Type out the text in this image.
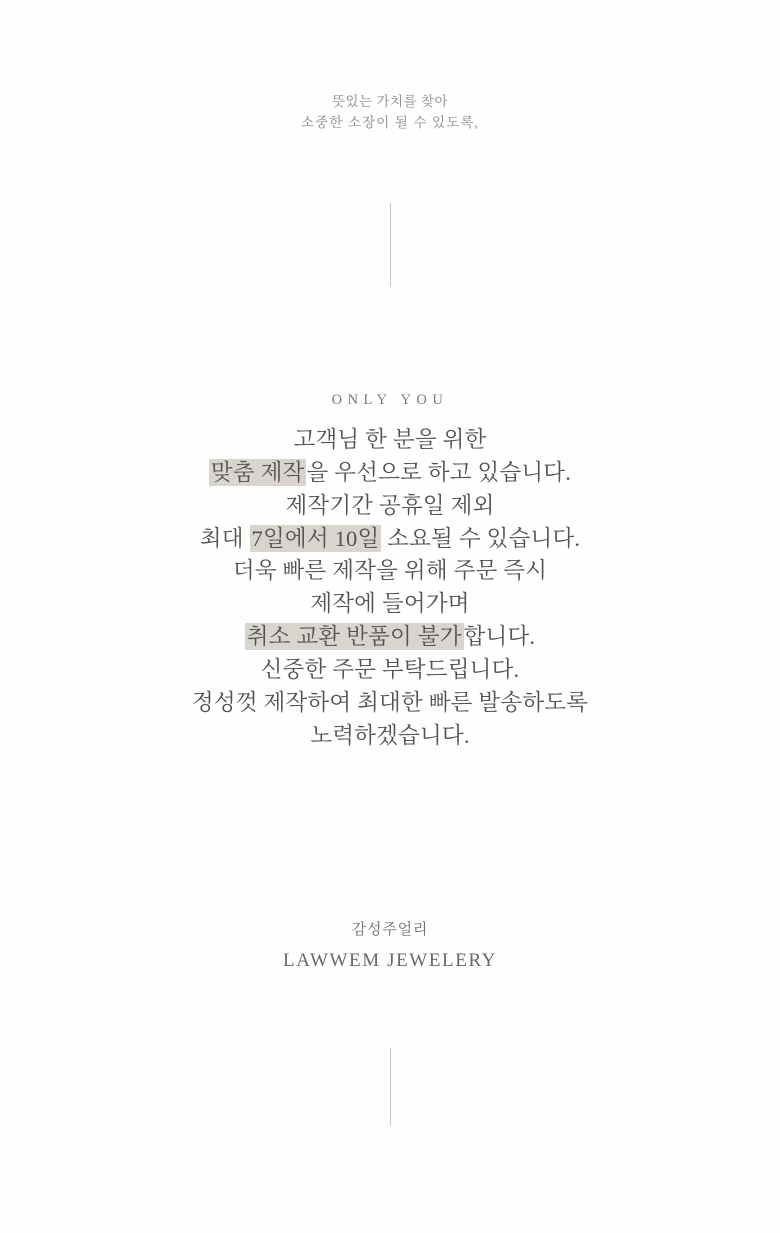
뜻있는 가치를 찾아
소중한 소장이 될 수 있도록,
ONLY YOU
고객님 한 분을 위한
맞춤 제작을 우선으로 하고 있습니다.
제작기간 공휴일 제외
최대 7일에서 10일 소요될 수 있습니다.
더욱 빠른 제작을 위해 주문 즉시
제작에 들어가며
취소 교환 반품이 불가합니다.
신중한 주문 부탁드립니다.
정성껏 제작하여 최대한 빠른 발송하도록
노력하겠습니다.
감성주얼리
LAWWEM JEWELERY
